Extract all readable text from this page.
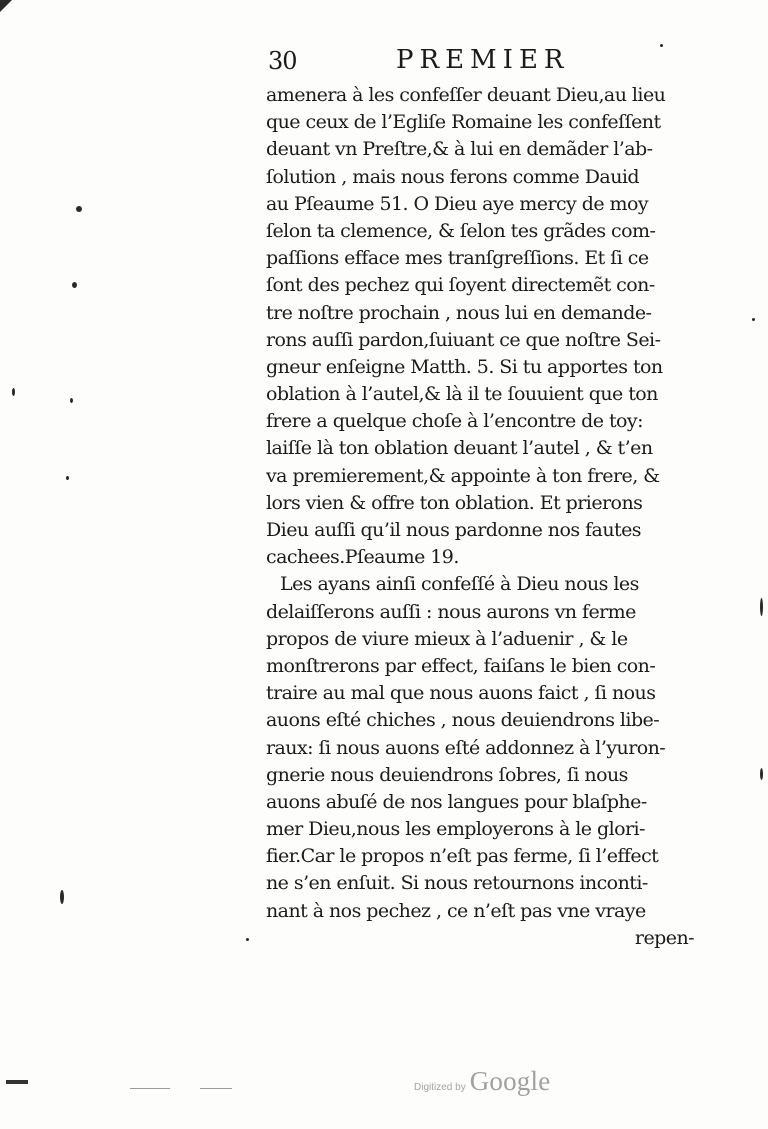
30	PREMIER
amenera à les confeſſer deuant Dieu,au lieu
que ceux de l’Egliſe Romaine les confeſſent
deuant vn Preſtre,& à lui en demãder l’ab-
ſolution , mais nous ferons comme Dauid
au Pſeaume 51. O Dieu aye mercy de moy
ſelon ta clemence, & ſelon tes grãdes com-
paſſions efface mes tranſgreſſions. Et ſi ce
ſont des pechez qui ſoyent directemẽt con-
tre noſtre prochain , nous lui en demande-
rons auſſi pardon,ſuiuant ce que noſtre Sei-
gneur enſeigne Matth. 5. Si tu apportes ton
oblation à l’autel,& là il te ſouuient que ton
frere a quelque choſe à l’encontre de toy:
laiſſe là ton oblation deuant l’autel , & t’en
va premierement,& appointe à ton frere, &
lors vien & offre ton oblation. Et prierons
Dieu auſſi qu’il nous pardonne nos fautes
cachees.Pſeaume 19.
Les ayans ainſi confeſſé à Dieu nous les
delaiſſerons auſſi : nous aurons vn ferme
propos de viure mieux à l’aduenir , & le
monſtrerons par effect, faiſans le bien con-
traire au mal que nous auons faict , ſi nous
auons eſté chiches , nous deuiendrons libe-
raux: ſi nous auons eſté addonnez à l’yuron-
gnerie nous deuiendrons ſobres, ſi nous
auons abuſé de nos langues pour blaſphe-
mer Dieu,nous les employerons à le glori-
fier.Car le propos n’eſt pas ferme, ſi l’effect
ne s’en enſuit. Si nous retournons inconti-
nant à nos pechez , ce n’eſt pas vne vraye
repen-
Digitized by Google
